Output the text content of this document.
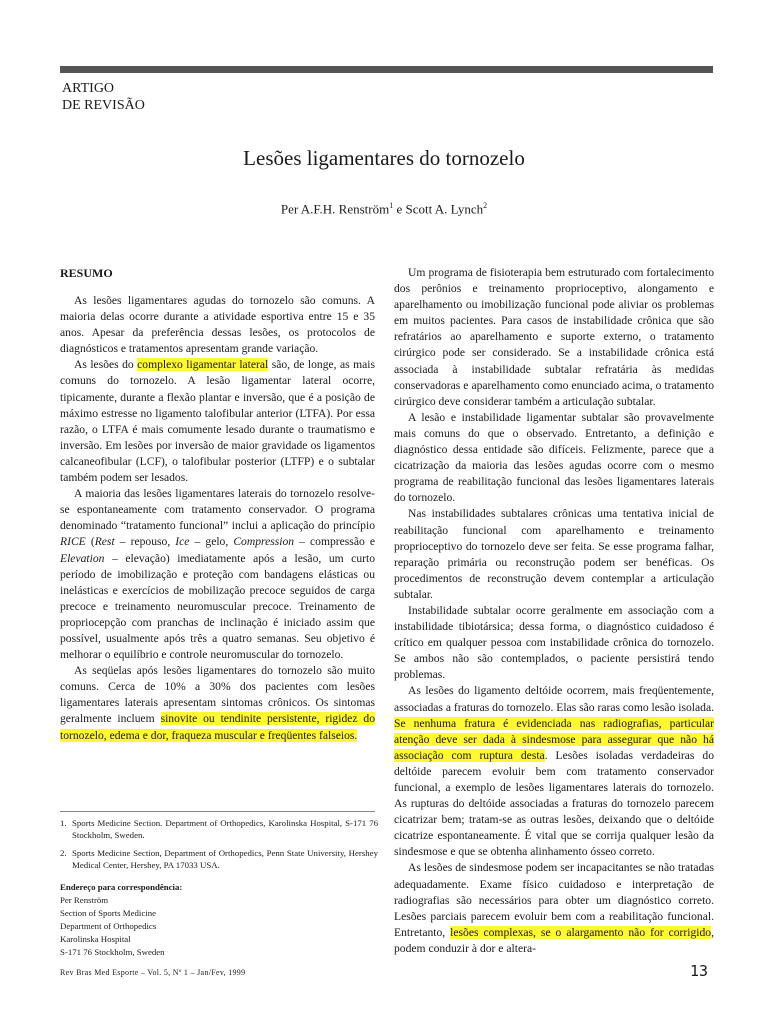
ARTIGO
DE REVISÃO
Lesões ligamentares do tornozelo
Per A.F.H. Renström$^1$ e Scott A. Lynch$^2$

RESUMO

As lesões ligamentares agudas do tornozelo são comuns. A maioria delas ocorre durante a atividade esportiva entre 15 e 35 anos. Apesar da preferência dessas lesões, os protocolos de diagnósticos e tratamentos apresentam grande variação.

As lesões do complexo ligamentar lateral são, de longe, as mais comuns do tornozelo. A lesão ligamentar lateral ocorre, tipicamente, durante a flexão plantar e inversão, que é a posição de máximo estresse no ligamento talofibular anterior (LTFA). Por essa razão, o LTFA é mais comumente lesado durante o traumatismo e inversão. Em lesões por inversão de maior gravidade os ligamentos calcaneofibular (LCF), o talofibular posterior (LTFP) e o subtalar também podem ser lesados.

A maioria das lesões ligamentares laterais do tornozelo resolve-se espontaneamente com tratamento conservador. O programa denominado “tratamento funcional” inclui a aplicação do princípio RICE (Rest – repouso, Ice – gelo, Compression – compressão e Elevation – elevação) imediatamente após a lesão, um curto período de imobilização e proteção com bandagens elásticas ou inelásticas e exercícios de mobilização precoce seguidos de carga precoce e treinamento neuromuscular precoce. Treinamento de propriocepção com pranchas de inclinação é iniciado assim que possível, usualmente após três a quatro semanas. Seu objetivo é melhorar o equilíbrio e controle neuromuscular do tornozelo.

As seqüelas após lesões ligamentares do tornozelo são muito comuns. Cerca de 10% a 30% dos pacientes com lesões ligamentares laterais apresentam sintomas crônicos. Os sintomas geralmente incluem sinovite ou tendinite persistente, rigidez do tornozelo, edema e dor, fraqueza muscular e freqüentes falseios.

1. Sports Medicine Section. Department of Orthopedics, Karolinska Hospital, S-171 76 Stockholm, Sweden.
2. Sports Medicine Section, Department of Orthopedics, Penn State University, Hershey Medical Center, Hershey, PA 17033 USA.
Endereço para correspondência:
Per Renström
Section of Sports Medicine
Department of Orthopedics
Karolinska Hospital
S-171 76 Stockholm, Sweden

Um programa de fisioterapia bem estruturado com fortalecimento dos perônios e treinamento proprioceptivo, alongamento e aparelhamento ou imobilização funcional pode aliviar os problemas em muitos pacientes. Para casos de instabilidade crônica que são refratários ao aparelhamento e suporte externo, o tratamento cirúrgico pode ser considerado. Se a instabilidade crônica está associada à instabilidade subtalar refratária às medidas conservadoras e aparelhamento como enunciado acima, o tratamento cirúrgico deve considerar também a articulação subtalar.

A lesão e instabilidade ligamentar subtalar são provavelmente mais comuns do que o observado. Entretanto, a definição e diagnóstico dessa entidade são difíceis. Felizmente, parece que a cicatrização da maioria das lesões agudas ocorre com o mesmo programa de reabilitação funcional das lesões ligamentares laterais do tornozelo.

Nas instabilidades subtalares crônicas uma tentativa inicial de reabilitação funcional com aparelhamento e treinamento proprioceptivo do tornozelo deve ser feita. Se esse programa falhar, reparação primária ou reconstrução podem ser benéficas. Os procedimentos de reconstrução devem contemplar a articulação subtalar.

Instabilidade subtalar ocorre geralmente em associação com a instabilidade tibiotársica; dessa forma, o diagnóstico cuidadoso é crítico em qualquer pessoa com instabilidade crônica do tornozelo. Se ambos não são contemplados, o paciente persistirá tendo problemas.

As lesões do ligamento deltóide ocorrem, mais freqüentemente, associadas a fraturas do tornozelo. Elas são raras como lesão isolada. Se nenhuma fratura é evidenciada nas radiografias, particular atenção deve ser dada à sindesmose para assegurar que não há associação com ruptura desta. Lesões isoladas verdadeiras do deltóide parecem evoluir bem com tratamento conservador funcional, a exemplo de lesões ligamentares laterais do tornozelo. As rupturas do deltóide associadas a fraturas do tornozelo parecem cicatrizar bem; tratam-se as outras lesões, deixando que o deltóide cicatrize espontaneamente. É vital que se corrija qualquer lesão da sindesmose e que se obtenha alinhamento ósseo correto.

As lesões de sindesmose podem ser incapacitantes se não tratadas adequadamente. Exame físico cuidadoso e interpretação de radiografias são necessários para obter um diagnóstico correto. Lesões parciais parecem evoluir bem com a reabilitação funcional. Entretanto, lesões complexas, se o alargamento não for corrigido, podem conduzir à dor e altera-

Rev Bras Med Esporte – Vol. 5, Nº 1 – Jan/Fev, 1999	13
